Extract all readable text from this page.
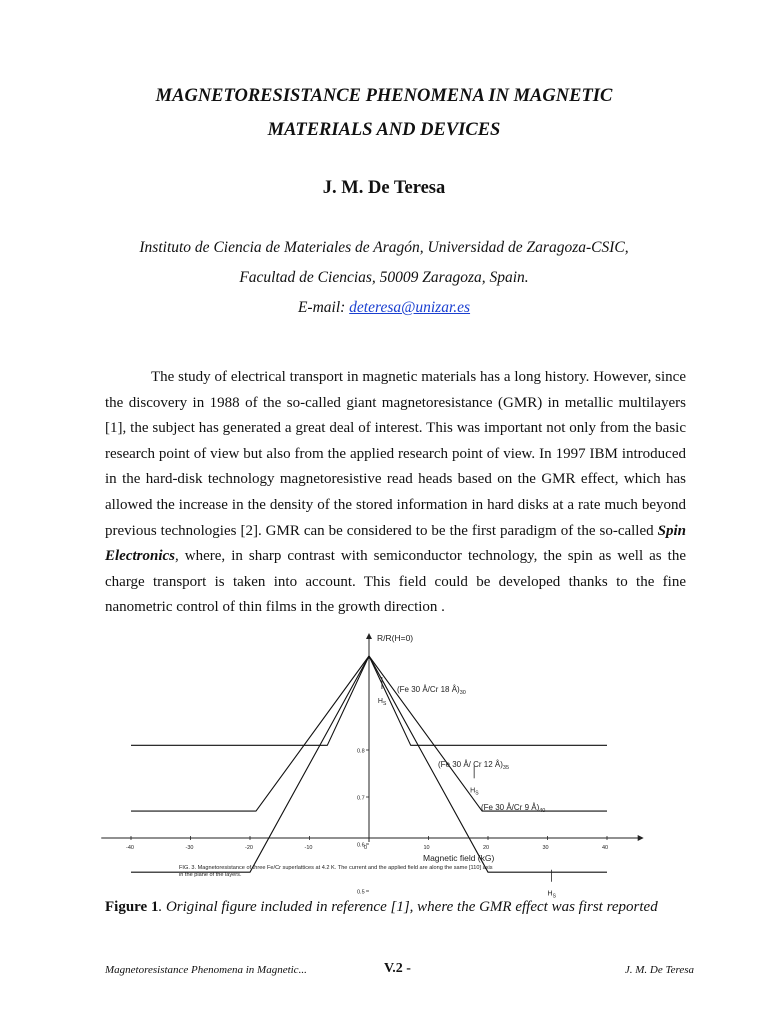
MAGNETORESISTANCE PHENOMENA IN MAGNETIC
MATERIALS AND DEVICES
J. M. De Teresa
Instituto de Ciencia de Materiales de Aragón, Universidad de Zaragoza-CSIC,
Facultad de Ciencias, 50009 Zaragoza, Spain.
E-mail: deteresa@unizar.es

The study of electrical transport in magnetic materials has a long history. However, since the discovery in 1988 of the so-called giant magnetoresistance (GMR) in metallic multilayers [1], the subject has generated a great deal of interest. This was important not only from the basic research point of view but also from the applied research point of view. In 1997 IBM introduced in the hard-disk technology magnetoresistive read heads based on the GMR effect, which has allowed the increase in the density of the stored information in hard disks at a rate much beyond previous technologies [2]. GMR can be considered to be the first paradigm of the so-called Spin Electronics, where, in sharp contrast with semiconductor technology, the spin as well as the charge transport is taken into account. This field could be developed thanks to the fine nanometric control of thin films in the growth direction .

0.5
0.6
0.7
0.8
-40	-30	-20	-10	0	10	20	30	40
R/R(H=0)
Magnetic field (kG)
(Fe 30 Å/Cr 18 $Å)_{30}$
(Fe 30 Å/ Cr 12 $Å)_{35}$
(Fe 30 Å/Cr 9 $Å)_{40}$
$H_S$
$H_S$
$H_S$
FIG. 3. Magnetoresistance of three Fe/Cr superlattices at 4.2 K. The current and the applied field are along the same [110] axis
in the plane of the layers.
Figure 1. Original figure included in reference [1], where the GMR effect was first reported
Magnetoresistance Phenomena in Magnetic...	V.2 -	J. M. De Teresa
